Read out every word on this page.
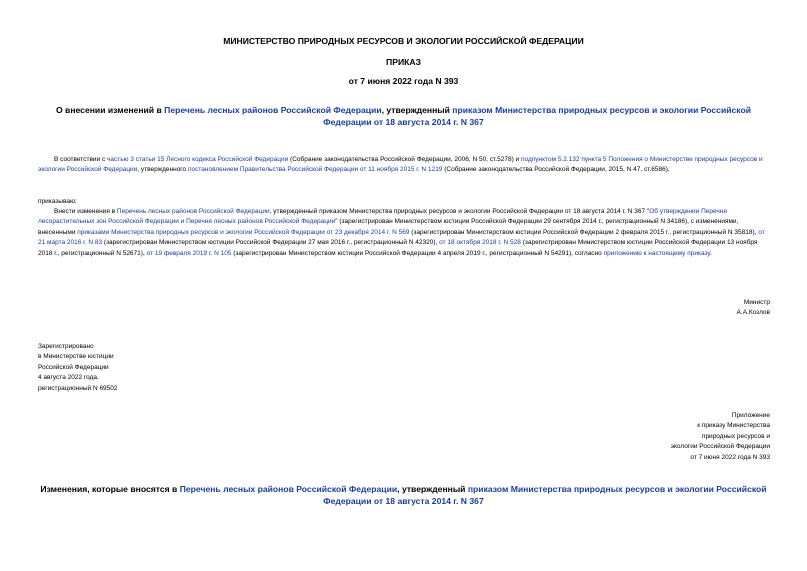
МИНИСТЕРСТВО ПРИРОДНЫХ РЕСУРСОВ И ЭКОЛОГИИ РОССИЙСКОЙ ФЕДЕРАЦИИ
ПРИКАЗ
от 7 июня 2022 года N 393
О внесении изменений в Перечень лесных районов Российской Федерации, утвержденный приказом Министерства природных ресурсов и экологии Российской Федерации от 18 августа 2014 г. N 367
В соответствии с частью 3 статьи 15 Лесного кодекса Российской Федерации (Собрание законодательства Российской Федерации, 2006, N 50, ст.5278) и подпунктом 5.2.132 пункта 5 Положения о Министерстве природных ресурсов и экологии Российской Федерации, утвержденного постановлением Правительства Российской Федерации от 11 ноября 2015 г. N 1219 (Собрание законодательства Российской Федерации, 2015, N 47, ст.6586),
приказываю:
Внести изменения в Перечень лесных районов Российской Федерации, утвержденный приказом Министерства природных ресурсов и экологии Российской Федерации от 18 августа 2014 г. N 367 "Об утверждении Перечня лесорастительных зон Российской Федерации и Перечня лесных районов Российской Федерации" (зарегистрирован Министерством юстиции Российской Федерации 29 сентября 2014 г., регистрационный N 34186), с изменениями, внесенными приказами Министерства природных ресурсов и экологии Российской Федерации от 23 декабря 2014 г. N 569 (зарегистрирован Министерством юстиции Российской Федерации 2 февраля 2015 г., регистрационный N 35818), от 21 марта 2016 г. N 83 (зарегистрирован Министерством юстиции Российской Федерации 27 мая 2016 г., регистрационный N 42320), от 18 октября 2018 г. N 528 (зарегистрирован Министерством юстиции Российской Федерации 13 ноября 2018 г., регистрационный N 52671), от 19 февраля 2019 г. N 105 (зарегистрирован Министерством юстиции Российской Федерации 4 апреля 2019 г., регистрационный N 54291), согласно приложению к настоящему приказу.
Министр
А.А.Козлов
Зарегистрировано
в Министерстве юстиции
Российской Федерации
4 августа 2022 года,
регистрационный N 69502
Приложение
к приказу Министерства
природных ресурсов и
экологии Российской Федерации
от 7 июня 2022 года N 393
Изменения, которые вносятся в Перечень лесных районов Российской Федерации, утвержденный приказом Министерства природных ресурсов и экологии Российской Федерации от 18 августа 2014 г. N 367
